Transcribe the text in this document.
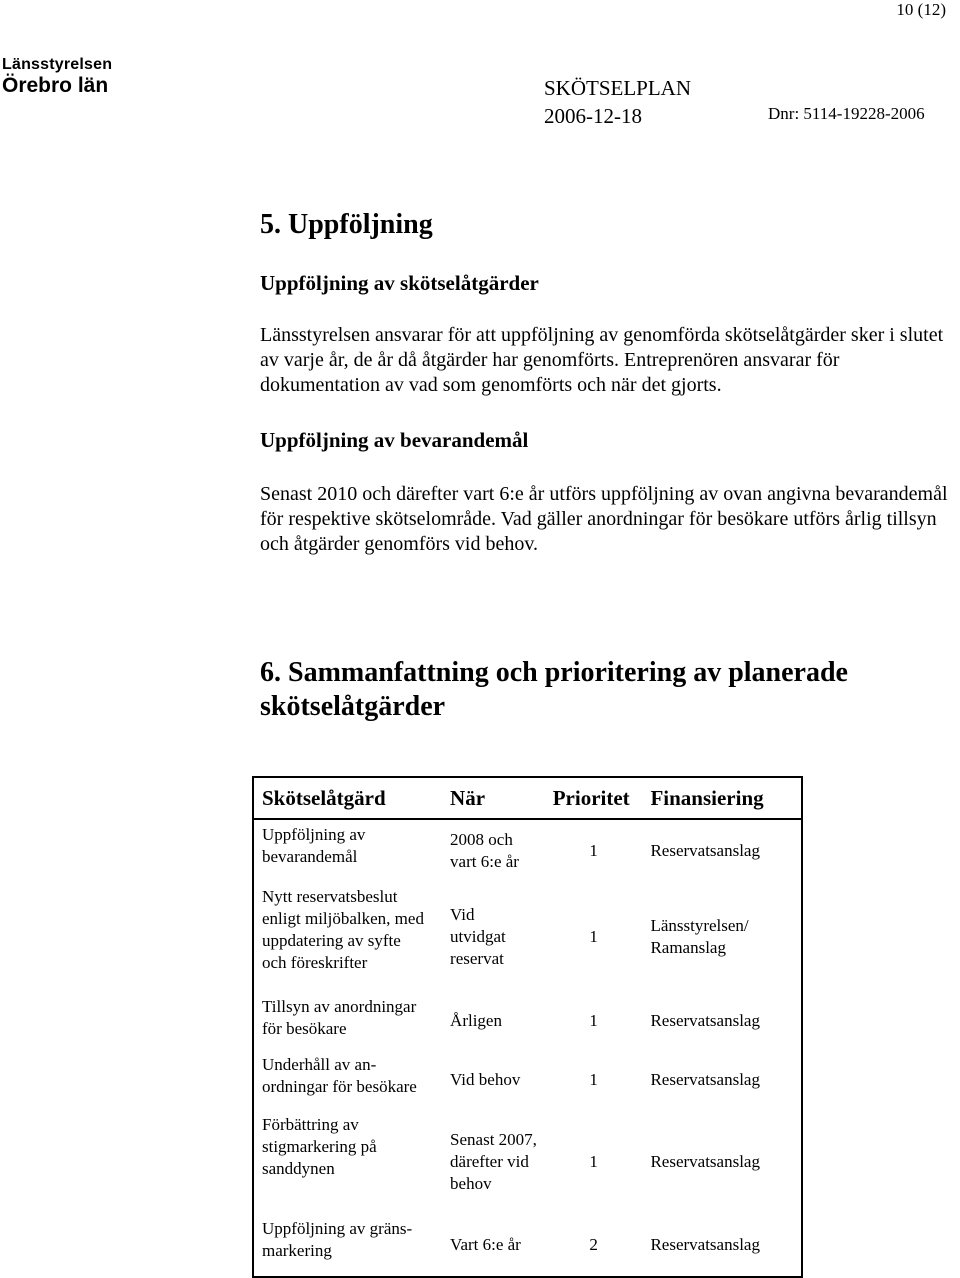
10 (12)
Länsstyrelsen
Örebro län	SKÖTSELPLAN
2006-12-18	Dnr: 5114-19228-2006
5. Uppföljning
Uppföljning av skötselåtgärder
Länsstyrelsen ansvarar för att uppföljning av genomförda skötselåtgärder sker i slutet av varje år, de år då åtgärder har genomförts. Entreprenören ansvarar för dokumentation av vad som genomförts och när det gjorts.
Uppföljning av bevarandemål
Senast 2010 och därefter vart 6:e år utförs uppföljning av ovan angivna bevarandemål för respektive skötselområde. Vad gäller anordningar för besökare utförs årlig tillsyn och åtgärder genomförs vid behov.
6. Sammanfattning och prioritering av planerade
skötselåtgärder
Skötselåtgärd	När	Prioritet	Finansiering
Uppföljning av bevarandemål	2008 och vart 6:e år	1	Reservatsanslag
Nytt reservatsbeslut enligt miljöbalken, med uppdatering av syfte och föreskrifter	Vid utvidgat reservat	1	Länsstyrelsen/ Ramanslag
Tillsyn av anordningar för besökare	Årligen	1	Reservatsanslag
Underhåll av an-ordningar för besökare	Vid behov	1	Reservatsanslag
Förbättring av stigmarkering på sanddynen	Senast 2007, därefter vid behov	1	Reservatsanslag
Uppföljning av gräns-markering	Vart 6:e år	2	Reservatsanslag
